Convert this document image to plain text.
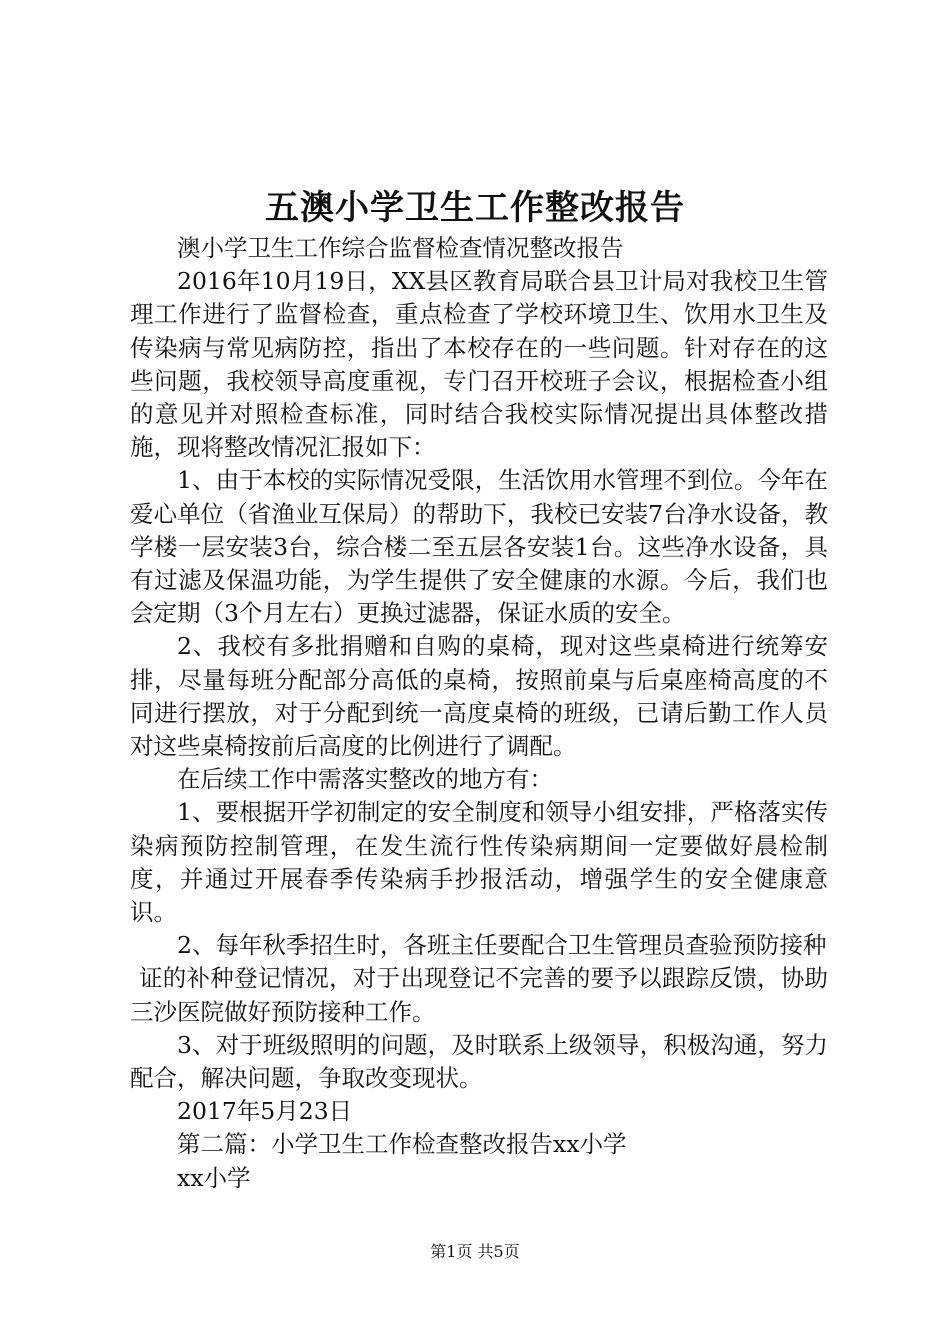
五澳小学卫生工作整改报告

澳小学卫生工作综合监督检查情况整改报告

2016年10月19日，XX县区教育局联合县卫计局对我校卫生管理工作进行了监督检查，重点检查了学校环境卫生、饮用水卫生及传染病与常见病防控，指出了本校存在的一些问题。针对存在的这些问题，我校领导高度重视，专门召开校班子会议，根据检查小组的意见并对照检查标准，同时结合我校实际情况提出具体整改措施，现将整改情况汇报如下：

1、由于本校的实际情况受限，生活饮用水管理不到位。今年在爱心单位（省渔业互保局）的帮助下，我校已安装7台净水设备，教学楼一层安装3台，综合楼二至五层各安装1台。这些净水设备，具有过滤及保温功能，为学生提供了安全健康的水源。今后，我们也会定期（3个月左右）更换过滤器，保证水质的安全。

2、我校有多批捐赠和自购的桌椅，现对这些桌椅进行统筹安排，尽量每班分配部分高低的桌椅，按照前桌与后桌座椅高度的不同进行摆放，对于分配到统一高度桌椅的班级，已请后勤工作人员对这些桌椅按前后高度的比例进行了调配。

在后续工作中需落实整改的地方有：

1、要根据开学初制定的安全制度和领导小组安排，严格落实传染病预防控制管理，在发生流行性传染病期间一定要做好晨检制度，并通过开展春季传染病手抄报活动，增强学生的安全健康意识。

2、每年秋季招生时，各班主任要配合卫生管理员查验预防接种

证的补种登记情况，对于出现登记不完善的要予以跟踪反馈，协助三沙医院做好预防接种工作。

3、对于班级照明的问题，及时联系上级领导，积极沟通，努力配合，解决问题，争取改变现状。

2017年5月23日

第二篇：小学卫生工作检查整改报告xx小学

xx小学

第1页 共5页
